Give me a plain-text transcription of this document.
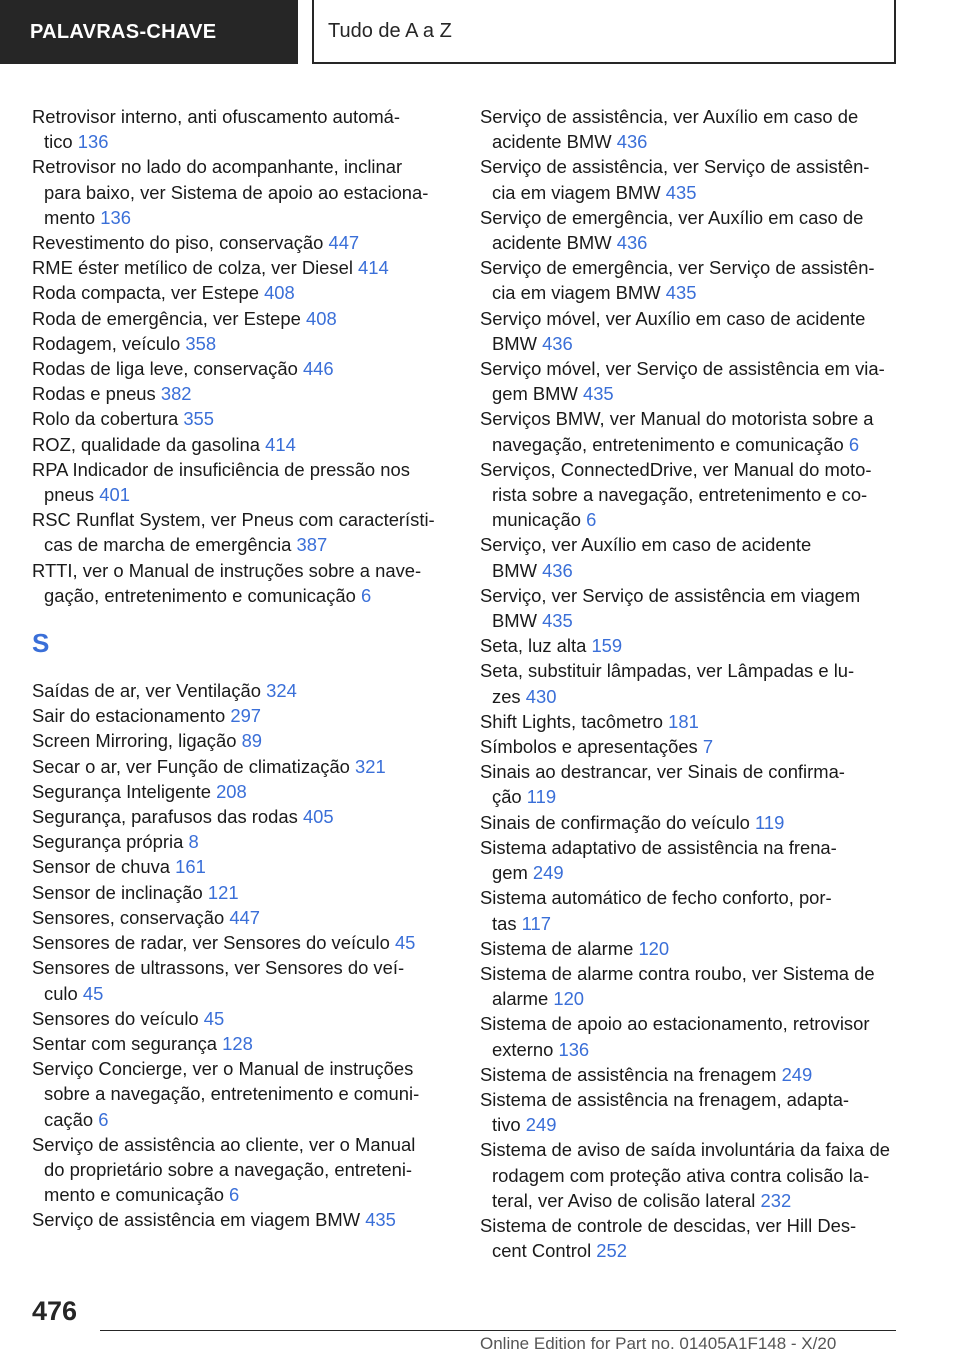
PALAVRAS-CHAVE	Tudo de A a Z

Retrovisor interno, anti ofuscamento automá-
tico 136

Retrovisor no lado do acompanhante, inclinar
para baixo, ver Sistema de apoio ao estaciona-
mento 136

Revestimento do piso, conservação 447

RME éster metílico de colza, ver Diesel 414

Roda compacta, ver Estepe 408

Roda de emergência, ver Estepe 408

Rodagem, veículo 358

Rodas de liga leve, conservação 446

Rodas e pneus 382

Rolo da cobertura 355

ROZ, qualidade da gasolina 414

RPA Indicador de insuficiência de pressão nos
pneus 401

RSC Runflat System, ver Pneus com característi-
cas de marcha de emergência 387

RTTI, ver o Manual de instruções sobre a nave-
gação, entretenimento e comunicação 6

S

Saídas de ar, ver Ventilação 324

Sair do estacionamento 297

Screen Mirroring, ligação 89

Secar o ar, ver Função de climatização 321

Segurança Inteligente 208

Segurança, parafusos das rodas 405

Segurança própria 8

Sensor de chuva 161

Sensor de inclinação 121

Sensores, conservação 447

Sensores de radar, ver Sensores do veículo 45

Sensores de ultrassons, ver Sensores do veí-
culo 45

Sensores do veículo 45

Sentar com segurança 128

Serviço Concierge, ver o Manual de instruções
sobre a navegação, entretenimento e comuni-
cação 6

Serviço de assistência ao cliente, ver o Manual
do proprietário sobre a navegação, entreteni-
mento e comunicação 6

Serviço de assistência em viagem BMW 435

Serviço de assistência, ver Auxílio em caso de
acidente BMW 436

Serviço de assistência, ver Serviço de assistên-
cia em viagem BMW 435

Serviço de emergência, ver Auxílio em caso de
acidente BMW 436

Serviço de emergência, ver Serviço de assistên-
cia em viagem BMW 435

Serviço móvel, ver Auxílio em caso de acidente
BMW 436

Serviço móvel, ver Serviço de assistência em via-
gem BMW 435

Serviços BMW, ver Manual do motorista sobre a
navegação, entretenimento e comunicação 6

Serviços, ConnectedDrive, ver Manual do moto-
rista sobre a navegação, entretenimento e co-
municação 6

Serviço, ver Auxílio em caso de acidente
BMW 436

Serviço, ver Serviço de assistência em viagem
BMW 435

Seta, luz alta 159

Seta, substituir lâmpadas, ver Lâmpadas e lu-
zes 430

Shift Lights, tacômetro 181

Símbolos e apresentações 7

Sinais ao destrancar, ver Sinais de confirma-
ção 119

Sinais de confirmação do veículo 119

Sistema adaptativo de assistência na frena-
gem 249

Sistema automático de fecho conforto, por-
tas 117

Sistema de alarme 120

Sistema de alarme contra roubo, ver Sistema de
alarme 120

Sistema de apoio ao estacionamento, retrovisor
externo 136

Sistema de assistência na frenagem 249

Sistema de assistência na frenagem, adapta-
tivo 249

Sistema de aviso de saída involuntária da faixa de
rodagem com proteção ativa contra colisão la-
teral, ver Aviso de colisão lateral 232

Sistema de controle de descidas, ver Hill Des-
cent Control 252

476
Online Edition for Part no. 01405A1F148 - X/20
